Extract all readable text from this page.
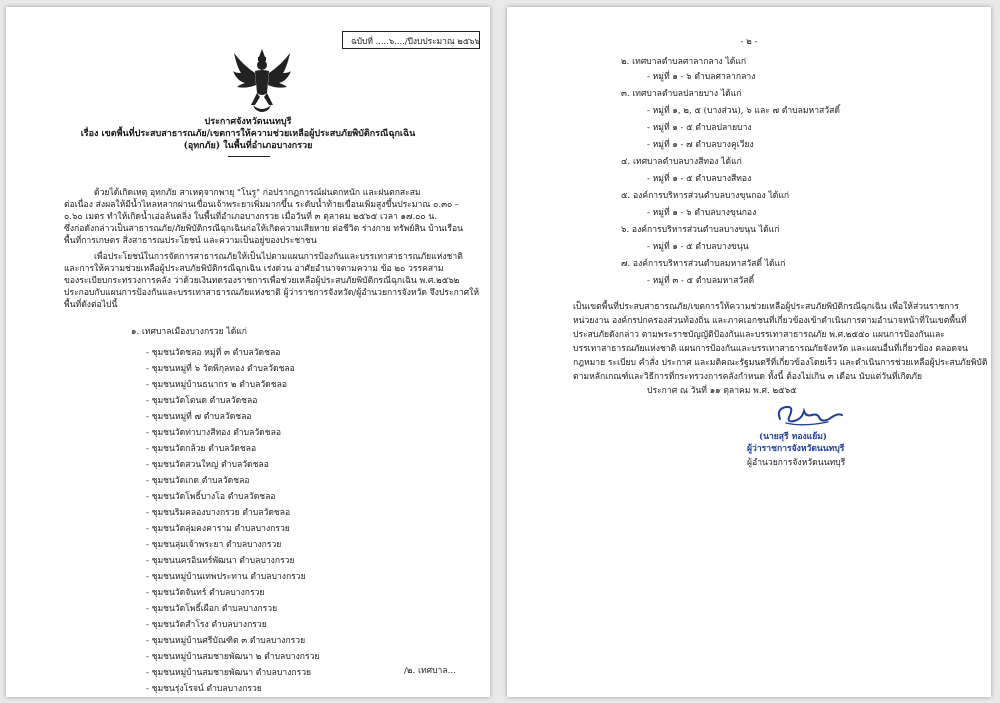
ฉบับที่ .....๖..../ปีงบประมาณ ๒๕๖๖
ประกาศจังหวัดนนทบุรี
เรื่อง เขตพื้นที่ประสบสาธารณภัย/เขตการให้ความช่วยเหลือผู้ประสบภัยพิบัติกรณีฉุกเฉิน
(อุทกภัย) ในพื้นที่อำเภอบางกรวย
ด้วยได้เกิดเหตุ อุทกภัย สาเหตุจากพายุ "โนรู" ก่อปรากฏการณ์ฝนตกหนัก และฝนตกสะสม
ต่อเนื่อง ส่งผลให้มีน้ำไหลหลากผ่านเขื่อนเจ้าพระยาเพิ่มมากขึ้น ระดับน้ำท้ายเขื่อนเพิ่มสูงขึ้นประมาณ ๐.๓๐ –
๐.๖๐ เมตร ทำให้เกิดน้ำเอ่อล้นตลิ่ง ในพื้นที่อำเภอบางกรวย เมื่อวันที่ ๓ ตุลาคม ๒๕๖๕ เวลา ๑๗.๐๐ น.
ซึ่งก่อดังกล่าวเป็นสาธารณภัย/ภัยพิบัติกรณีฉุกเฉินก่อให้เกิดความเสียหาย ต่อชีวิต ร่างกาย ทรัพย์สิน บ้านเรือน
พื้นที่การเกษตร สิ่งสาธารณประโยชน์ และความเป็นอยู่ของประชาชน
เพื่อประโยชน์ในการจัดการสาธารณภัยให้เป็นไปตามแผนการป้องกันและบรรเทาสาธารณภัยแห่งชาติ
และการให้ความช่วยเหลือผู้ประสบภัยพิบัติกรณีฉุกเฉิน เร่งด่วน อาศัยอำนาจตามความ ข้อ ๒๐ วรรคสาม
ของระเบียบกระทรวงการคลัง ว่าด้วยเงินทดรองราชการเพื่อช่วยเหลือผู้ประสบภัยพิบัติกรณีฉุกเฉิน พ.ศ.๒๕๖๒
ประกอบกับแผนการป้องกันและบรรเทาสาธารณภัยแห่งชาติ ผู้ว่าราชการจังหวัด/ผู้อำนวยการจังหวัด จึงประกาศให้
พื้นที่ดังต่อไปนี้
๑. เทศบาลเมืองบางกรวย ได้แก่
- ชุมชนวัดชลอ หมู่ที่ ๓ ตำบลวัดชลอ
- ชุมชนหมู่ที่ ๖ วัดพิกุลทอง ตำบลวัดชลอ
- ชุมชนหมู่บ้านธนากร ๒ ตำบลวัดชลอ
- ชุมชนวัดโตนด ตำบลวัดชลอ
- ชุมชนหมู่ที่ ๗ ตำบลวัดชลอ
- ชุมชนวัดท่าบางสีทอง ตำบลวัดชลอ
- ชุมชนวัดกล้วย ตำบลวัดชลอ
- ชุมชนวัดสวนใหญ่ ตำบลวัดชลอ
- ชุมชนวัดเกด ตำบลวัดชลอ
- ชุมชนวัดโพธิ์บางโอ ตำบลวัดชลอ
- ชุมชนริมคลองบางกรวย ตำบลวัดชลอ
- ชุมชนวัดลุ่มคงคาราม ตำบลบางกรวย
- ชุมชนลุ่มเจ้าพระยา ตำบลบางกรวย
- ชุมชนนครอินทร์พัฒนา ตำบลบางกรวย
- ชุมชนหมู่บ้านเทพประทาน ตำบลบางกรวย
- ชุมชนวัดจันทร์ ตำบลบางกรวย
- ชุมชนวัดโพธิ์เผือก ตำบลบางกรวย
- ชุมชนวัดสำโรง ตำบลบางกรวย
- ชุมชนหมู่บ้านศรีบัณฑิต ๓ ตำบลบางกรวย
- ชุมชนหมู่บ้านสมชายพัฒนา ๒ ตำบลบางกรวย
- ชุมชนหมู่บ้านสมชายพัฒนา ตำบลบางกรวย
- ชุมชนรุ่งโรจน์ ตำบลบางกรวย
/๒. เทศบาล...
- ๒ -
๒. เทศบาลตำบลศาลากลาง ได้แก่
- หมู่ที่ ๑ - ๖ ตำบลศาลากลาง
๓. เทศบาลตำบลปลายบาง ได้แก่
- หมู่ที่ ๑, ๒, ๕ (บางส่วน), ๖ และ ๗ ตำบลมหาสวัสดิ์
- หมู่ที่ ๑ - ๕ ตำบลปลายบาง
- หมู่ที่ ๑ - ๗ ตำบลบางคูเวียง
๔. เทศบาลตำบลบางสีทอง ได้แก่
- หมู่ที่ ๑ - ๕ ตำบลบางสีทอง
๕. องค์การบริหารส่วนตำบลบางขุนกอง ได้แก่
- หมู่ที่ ๑ - ๖ ตำบลบางขุนกอง
๖. องค์การบริหารส่วนตำบลบางขนุน ได้แก่
- หมู่ที่ ๑ - ๕ ตำบลบางขนุน
๗. องค์การบริหารส่วนตำบลมหาสวัสดิ์ ได้แก่
- หมู่ที่ ๓ - ๕ ตำบลมหาสวัสดิ์
เป็นเขตพื้นที่ประสบสาธารณภัย/เขตการให้ความช่วยเหลือผู้ประสบภัยพิบัติกรณีฉุกเฉิน เพื่อให้ส่วนราชการ
หน่วยงาน องค์กรปกครองส่วนท้องถิ่น และภาคเอกชนที่เกี่ยวข้องเข้าดำเนินการตามอำนาจหน้าที่ในเขตพื้นที่
ประสบภัยดังกล่าว ตามพระราชบัญญัติป้องกันและบรรเทาสาธารณภัย พ.ศ.๒๕๕๐ แผนการป้องกันและ
บรรเทาสาธารณภัยแห่งชาติ แผนการป้องกันและบรรเทาสาธารณภัยจังหวัด และแผนอื่นที่เกี่ยวข้อง ตลอดจน
กฎหมาย ระเบียบ คำสั่ง ประกาศ และมติคณะรัฐมนตรีที่เกี่ยวข้องโดยเร็ว และดำเนินการช่วยเหลือผู้ประสบภัยพิบัติ
ตามหลักเกณฑ์และวิธีการที่กระทรวงการคลังกำหนด ทั้งนี้ ต้องไม่เกิน ๓ เดือน นับแต่วันที่เกิดภัย
ประกาศ ณ วันที่ ๑๑ ตุลาคม พ.ศ. ๒๕๖๕
(นายสุรี ทองแย้ม)
ผู้ว่าราชการจังหวัดนนทบุรี
ผู้อำนวยการจังหวัดนนทบุรี
